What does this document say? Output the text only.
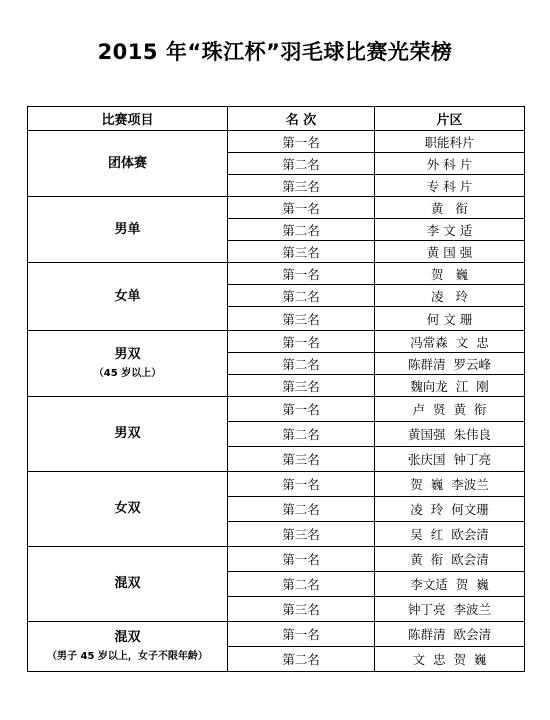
2015 年“珠江杯”羽毛球比赛光荣榜
比赛项目	名 次	片区
团体赛	第一名	职能科片
	第二名	外 科 片
	第三名	专 科 片
男单	第一名	黄   衔
	第二名	李 文 适
	第三名	黄 国 强
女单	第一名	贺   巍
	第二名	凌   玲
	第三名	何 文 珊
男双
（45 岁以上）	第一名	冯常森  文  忠
	第二名	陈群清  罗云峰
	第三名	魏向龙  江  刚
男双	第一名	卢  贤  黄  衔
	第二名	黄国强  朱伟良
	第三名	张庆国  钟丁亮
女双	第一名	贺  巍  李波兰
	第二名	凌  玲  何文珊
	第三名	吴  红  欧会清
混双	第一名	黄  衔  欧会清
	第二名	李文适  贺  巍
	第三名	钟丁亮  李波兰
混双
（男子 45 岁以上，女子不限年龄）	第一名	陈群清  欧会清
	第二名	文  忠  贺  巍
